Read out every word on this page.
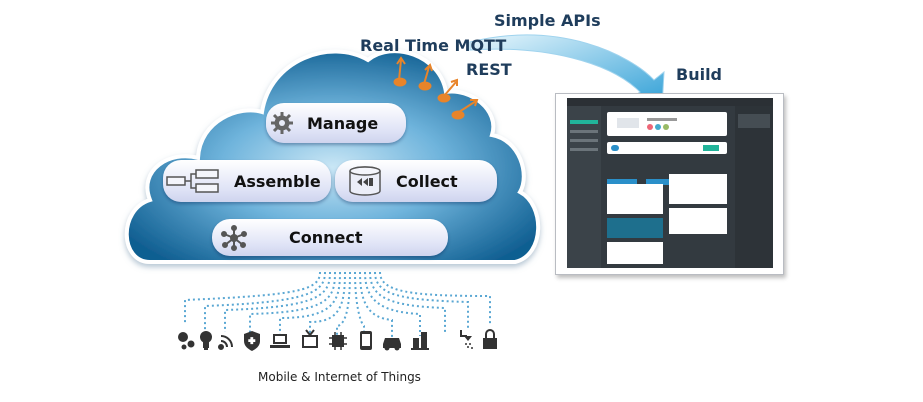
Simple APIs
Real Time MQTT
REST	Build
Manage
Assemble	Collect
Connect

Mobile & Internet of Things
